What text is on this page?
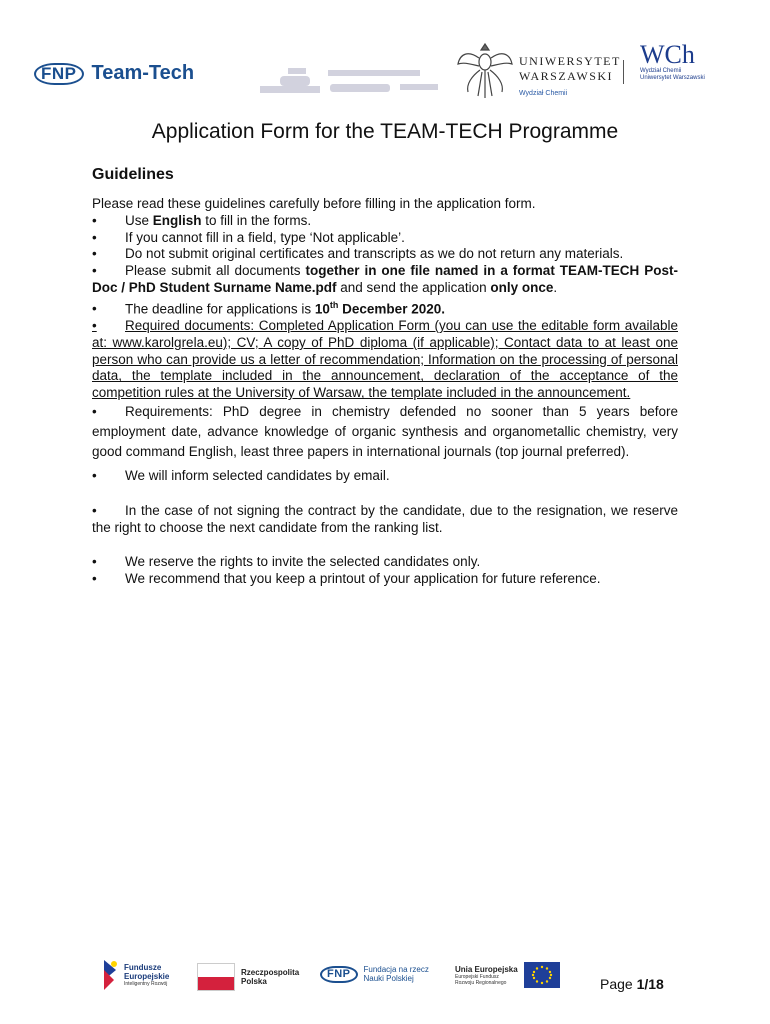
FNP Team-Tech
UNIWERSYTET
WARSZAWSKI
Wydział Chemii
WCh
Wydział Chemii
Uniwersytet Warszawski
Application Form for the TEAM-TECH Programme
Guidelines

Please read these guidelines carefully before filling in the application form.

• Use English to fill in the forms.

• If you cannot fill in a field, type ‘Not applicable’.

• Do not submit original certificates and transcripts as we do not return any materials.

• Please submit all documents together in one file named in a format TEAM-TECH Post-Doc / PhD Student Surname Name.pdf and send the application only once.

• The deadline for applications is 10th December 2020.

• Required documents: Completed Application Form (you can use the editable form available at: www.karolgrela.eu); CV; A copy of PhD diploma (if applicable); Contact data to at least one person who can provide us a letter of recommendation; Information on the processing of personal data, the template included in the announcement, declaration of the acceptance of the competition rules at the University of Warsaw, the template included in the announcement.

• Requirements: PhD degree in chemistry defended no sooner than 5 years before employment date, advance knowledge of organic synthesis and organometallic chemistry, very good command English, least three papers in international journals (top journal preferred).

• We will inform selected candidates by email.

• In the case of not signing the contract by the candidate, due to the resignation, we reserve the right to choose the next candidate from the ranking list.

• We reserve the rights to invite the selected candidates only.

• We recommend that you keep a printout of your application for future reference.

Fundusze
Europejskie
Inteligentny Rozwój
Rzeczpospolita
Polska
FNP	Fundacja na rzecz
Nauki Polskiej
Unia Europejska
Europejski Fundusz
Rozwoju Regionalnego	Page 1/18
